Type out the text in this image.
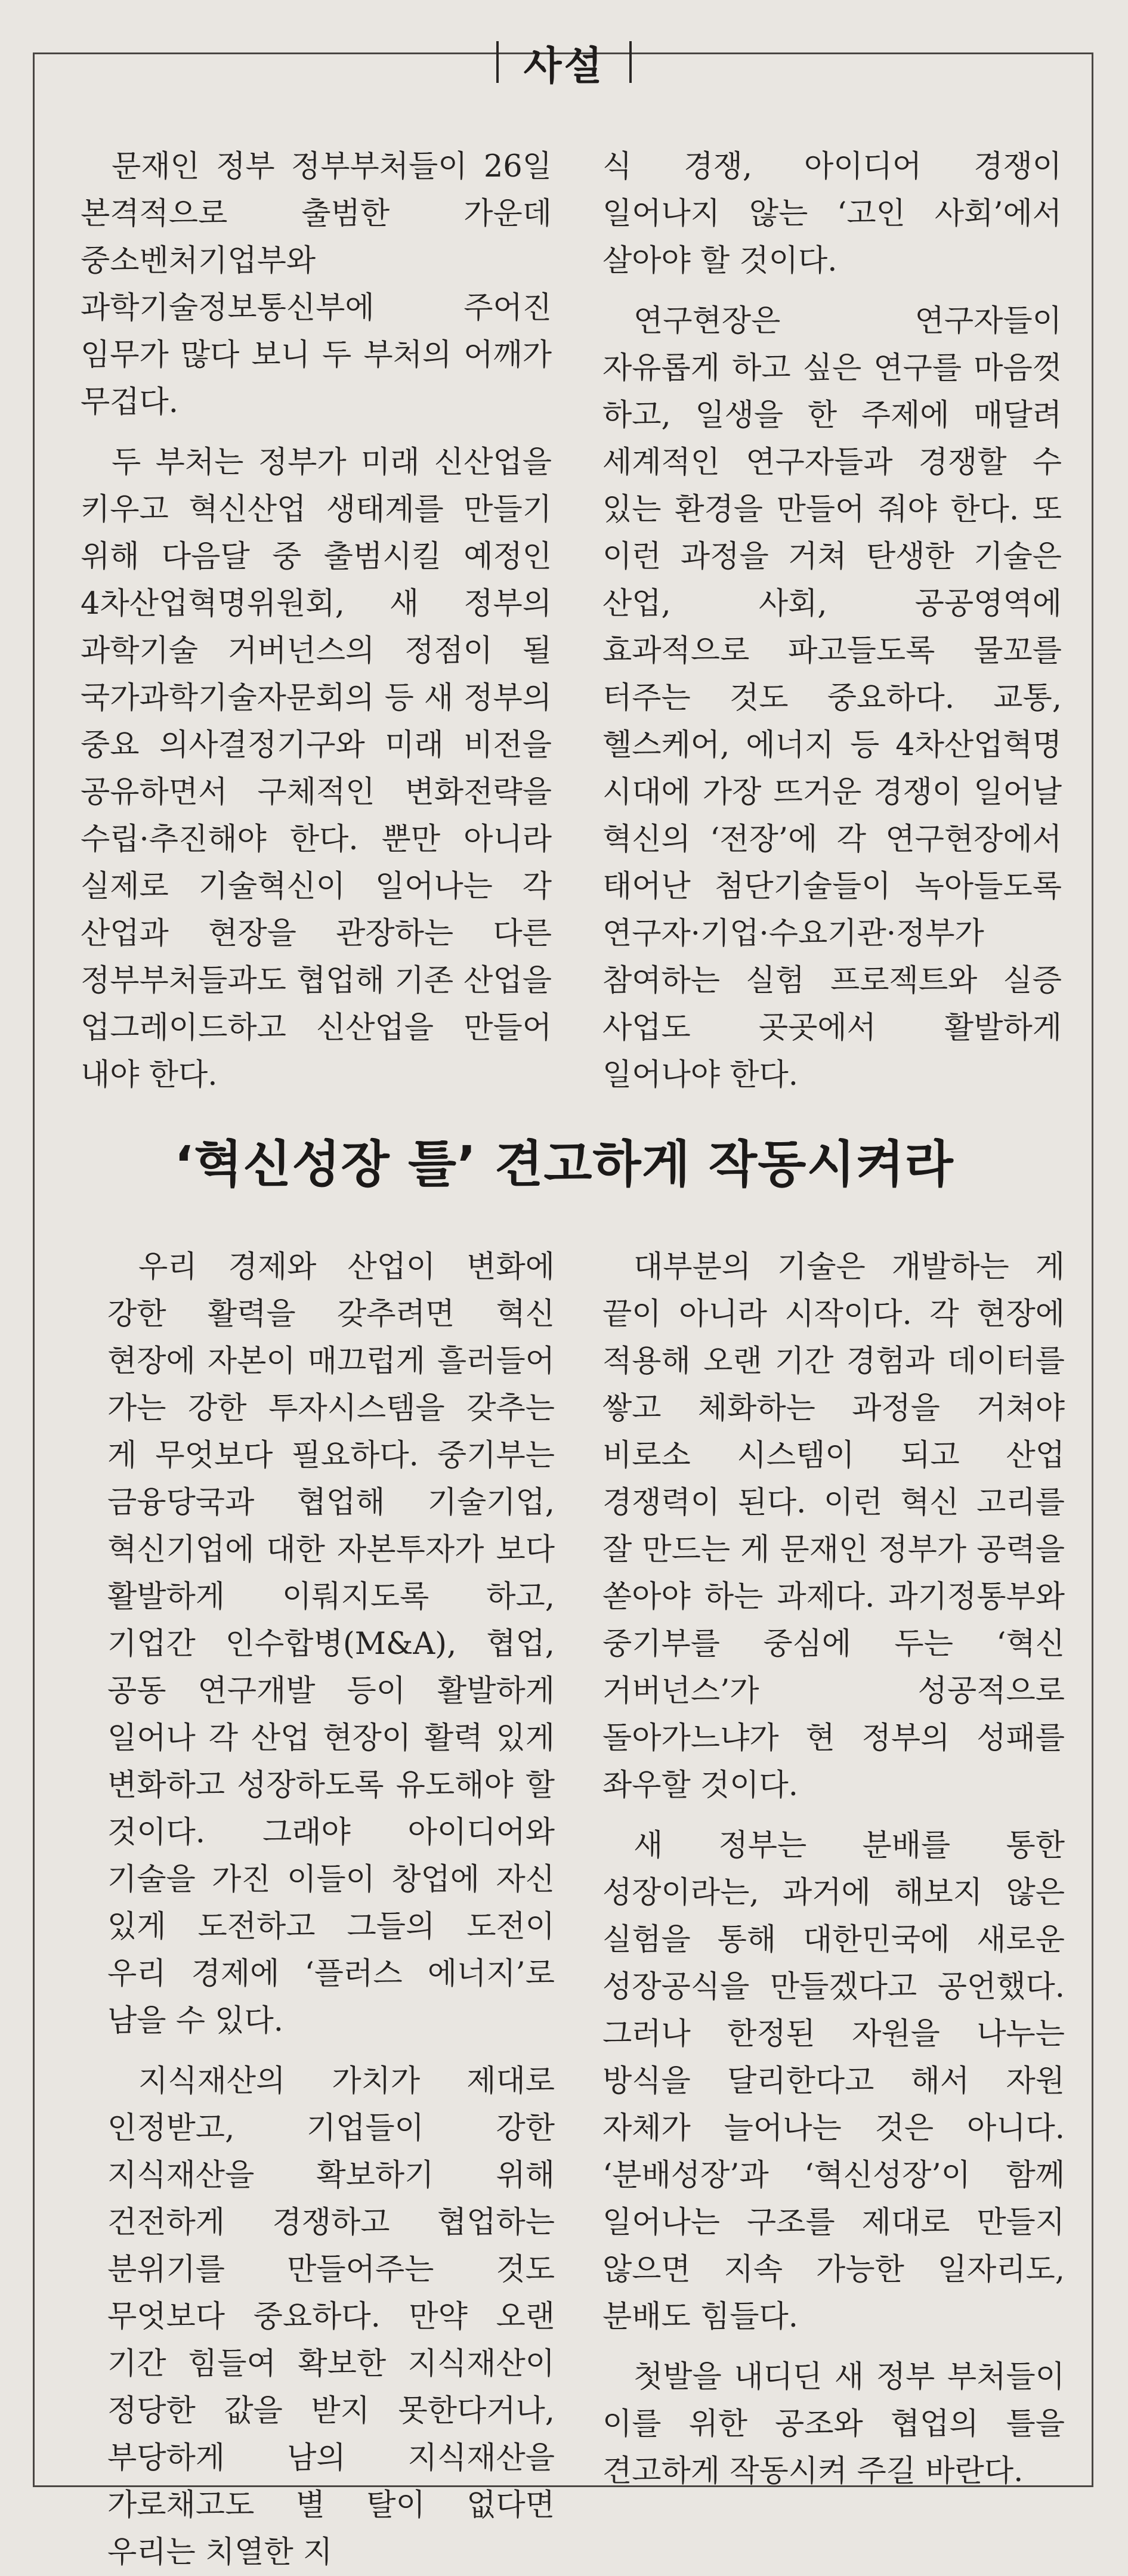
사설

문재인 정부 정부부처들이 26일 본격적으로 출범한 가운데 중소벤처기업부와 과학기술정보통신부에 주어진 임무가 많다 보니 두 부처의 어깨가 무겁다.

두 부처는 정부가 미래 신산업을 키우고 혁신산업 생태계를 만들기 위해 다음달 중 출범시킬 예정인 4차산업혁명위원회, 새 정부의 과학기술 거버넌스의 정점이 될 국가과학기술자문회의 등 새 정부의 중요 의사결정기구와 미래 비전을 공유하면서 구체적인 변화전략을 수립·추진해야 한다. 뿐만 아니라 실제로 기술혁신이 일어나는 각 산업과 현장을 관장하는 다른 정부부처들과도 협업해 기존 산업을 업그레이드하고 신산업을 만들어 내야 한다.

식 경쟁, 아이디어 경쟁이 일어나지 않는 ‘고인 사회’에서 살아야 할 것이다.

연구현장은 연구자들이 자유롭게 하고 싶은 연구를 마음껏 하고, 일생을 한 주제에 매달려 세계적인 연구자들과 경쟁할 수 있는 환경을 만들어 줘야 한다. 또 이런 과정을 거쳐 탄생한 기술은 산업, 사회, 공공영역에 효과적으로 파고들도록 물꼬를 터주는 것도 중요하다. 교통, 헬스케어, 에너지 등 4차산업혁명 시대에 가장 뜨거운 경쟁이 일어날 혁신의 ‘전장’에 각 연구현장에서 태어난 첨단기술들이 녹아들도록 연구자·기업·수요기관·정부가 참여하는 실험 프로젝트와 실증 사업도 곳곳에서 활발하게 일어나야 한다.

‘혁신성장 틀’ 견고하게 작동시켜라

우리 경제와 산업이 변화에 강한 활력을 갖추려면 혁신 현장에 자본이 매끄럽게 흘러들어 가는 강한 투자시스템을 갖추는 게 무엇보다 필요하다. 중기부는 금융당국과 협업해 기술기업, 혁신기업에 대한 자본투자가 보다 활발하게 이뤄지도록 하고, 기업간 인수합병(M&A), 협업, 공동 연구개발 등이 활발하게 일어나 각 산업 현장이 활력 있게 변화하고 성장하도록 유도해야 할 것이다. 그래야 아이디어와 기술을 가진 이들이 창업에 자신 있게 도전하고 그들의 도전이 우리 경제에 ‘플러스 에너지’로 남을 수 있다.

지식재산의 가치가 제대로 인정받고, 기업들이 강한 지식재산을 확보하기 위해 건전하게 경쟁하고 협업하는 분위기를 만들어주는 것도 무엇보다 중요하다. 만약 오랜 기간 힘들여 확보한 지식재산이 정당한 값을 받지 못한다거나, 부당하게 남의 지식재산을 가로채고도 별 탈이 없다면 우리는 치열한 지

대부분의 기술은 개발하는 게 끝이 아니라 시작이다. 각 현장에 적용해 오랜 기간 경험과 데이터를 쌓고 체화하는 과정을 거쳐야 비로소 시스템이 되고 산업 경쟁력이 된다. 이런 혁신 고리를 잘 만드는 게 문재인 정부가 공력을 쏟아야 하는 과제다. 과기정통부와 중기부를 중심에 두는 ‘혁신 거버넌스’가 성공적으로 돌아가느냐가 현 정부의 성패를 좌우할 것이다.

새 정부는 분배를 통한 성장이라는, 과거에 해보지 않은 실험을 통해 대한민국에 새로운 성장공식을 만들겠다고 공언했다. 그러나 한정된 자원을 나누는 방식을 달리한다고 해서 자원 자체가 늘어나는 것은 아니다. ‘분배성장’과 ‘혁신성장’이 함께 일어나는 구조를 제대로 만들지 않으면 지속 가능한 일자리도, 분배도 힘들다.

첫발을 내디딘 새 정부 부처들이 이를 위한 공조와 협업의 틀을 견고하게 작동시켜 주길 바란다.
